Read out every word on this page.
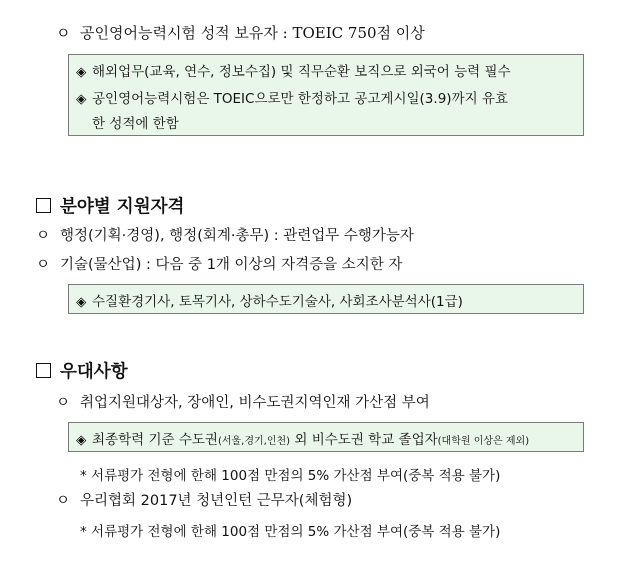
ㅇ 공인영어능력시험 성적 보유자 : TOEIC 750점 이상
◈ 해외업무(교육, 연수, 정보수집) 및 직무순환 보직으로 외국어 능력 필수
◈ 공인영어능력시험은 TOEIC으로만 한정하고 공고게시일(3.9)까지 유효
한 성적에 한함
분야별 지원자격
ㅇ 행정(기획·경영), 행정(회계·총무) : 관련업무 수행가능자
ㅇ 기술(물산업) : 다음 중 1개 이상의 자격증을 소지한 자
◈ 수질환경기사, 토목기사, 상하수도기술사, 사회조사분석사(1급)
우대사항
ㅇ 취업지원대상자, 장애인, 비수도권지역인재 가산점 부여
◈ 최종학력 기준 수도권(서울,경기,인천) 외 비수도권 학교 졸업자(대학원 이상은 제외)
* 서류평가 전형에 한해 100점 만점의 5% 가산점 부여(중복 적용 불가)
ㅇ 우리협회 2017년 청년인턴 근무자(체험형)
* 서류평가 전형에 한해 100점 만점의 5% 가산점 부여(중복 적용 불가)
